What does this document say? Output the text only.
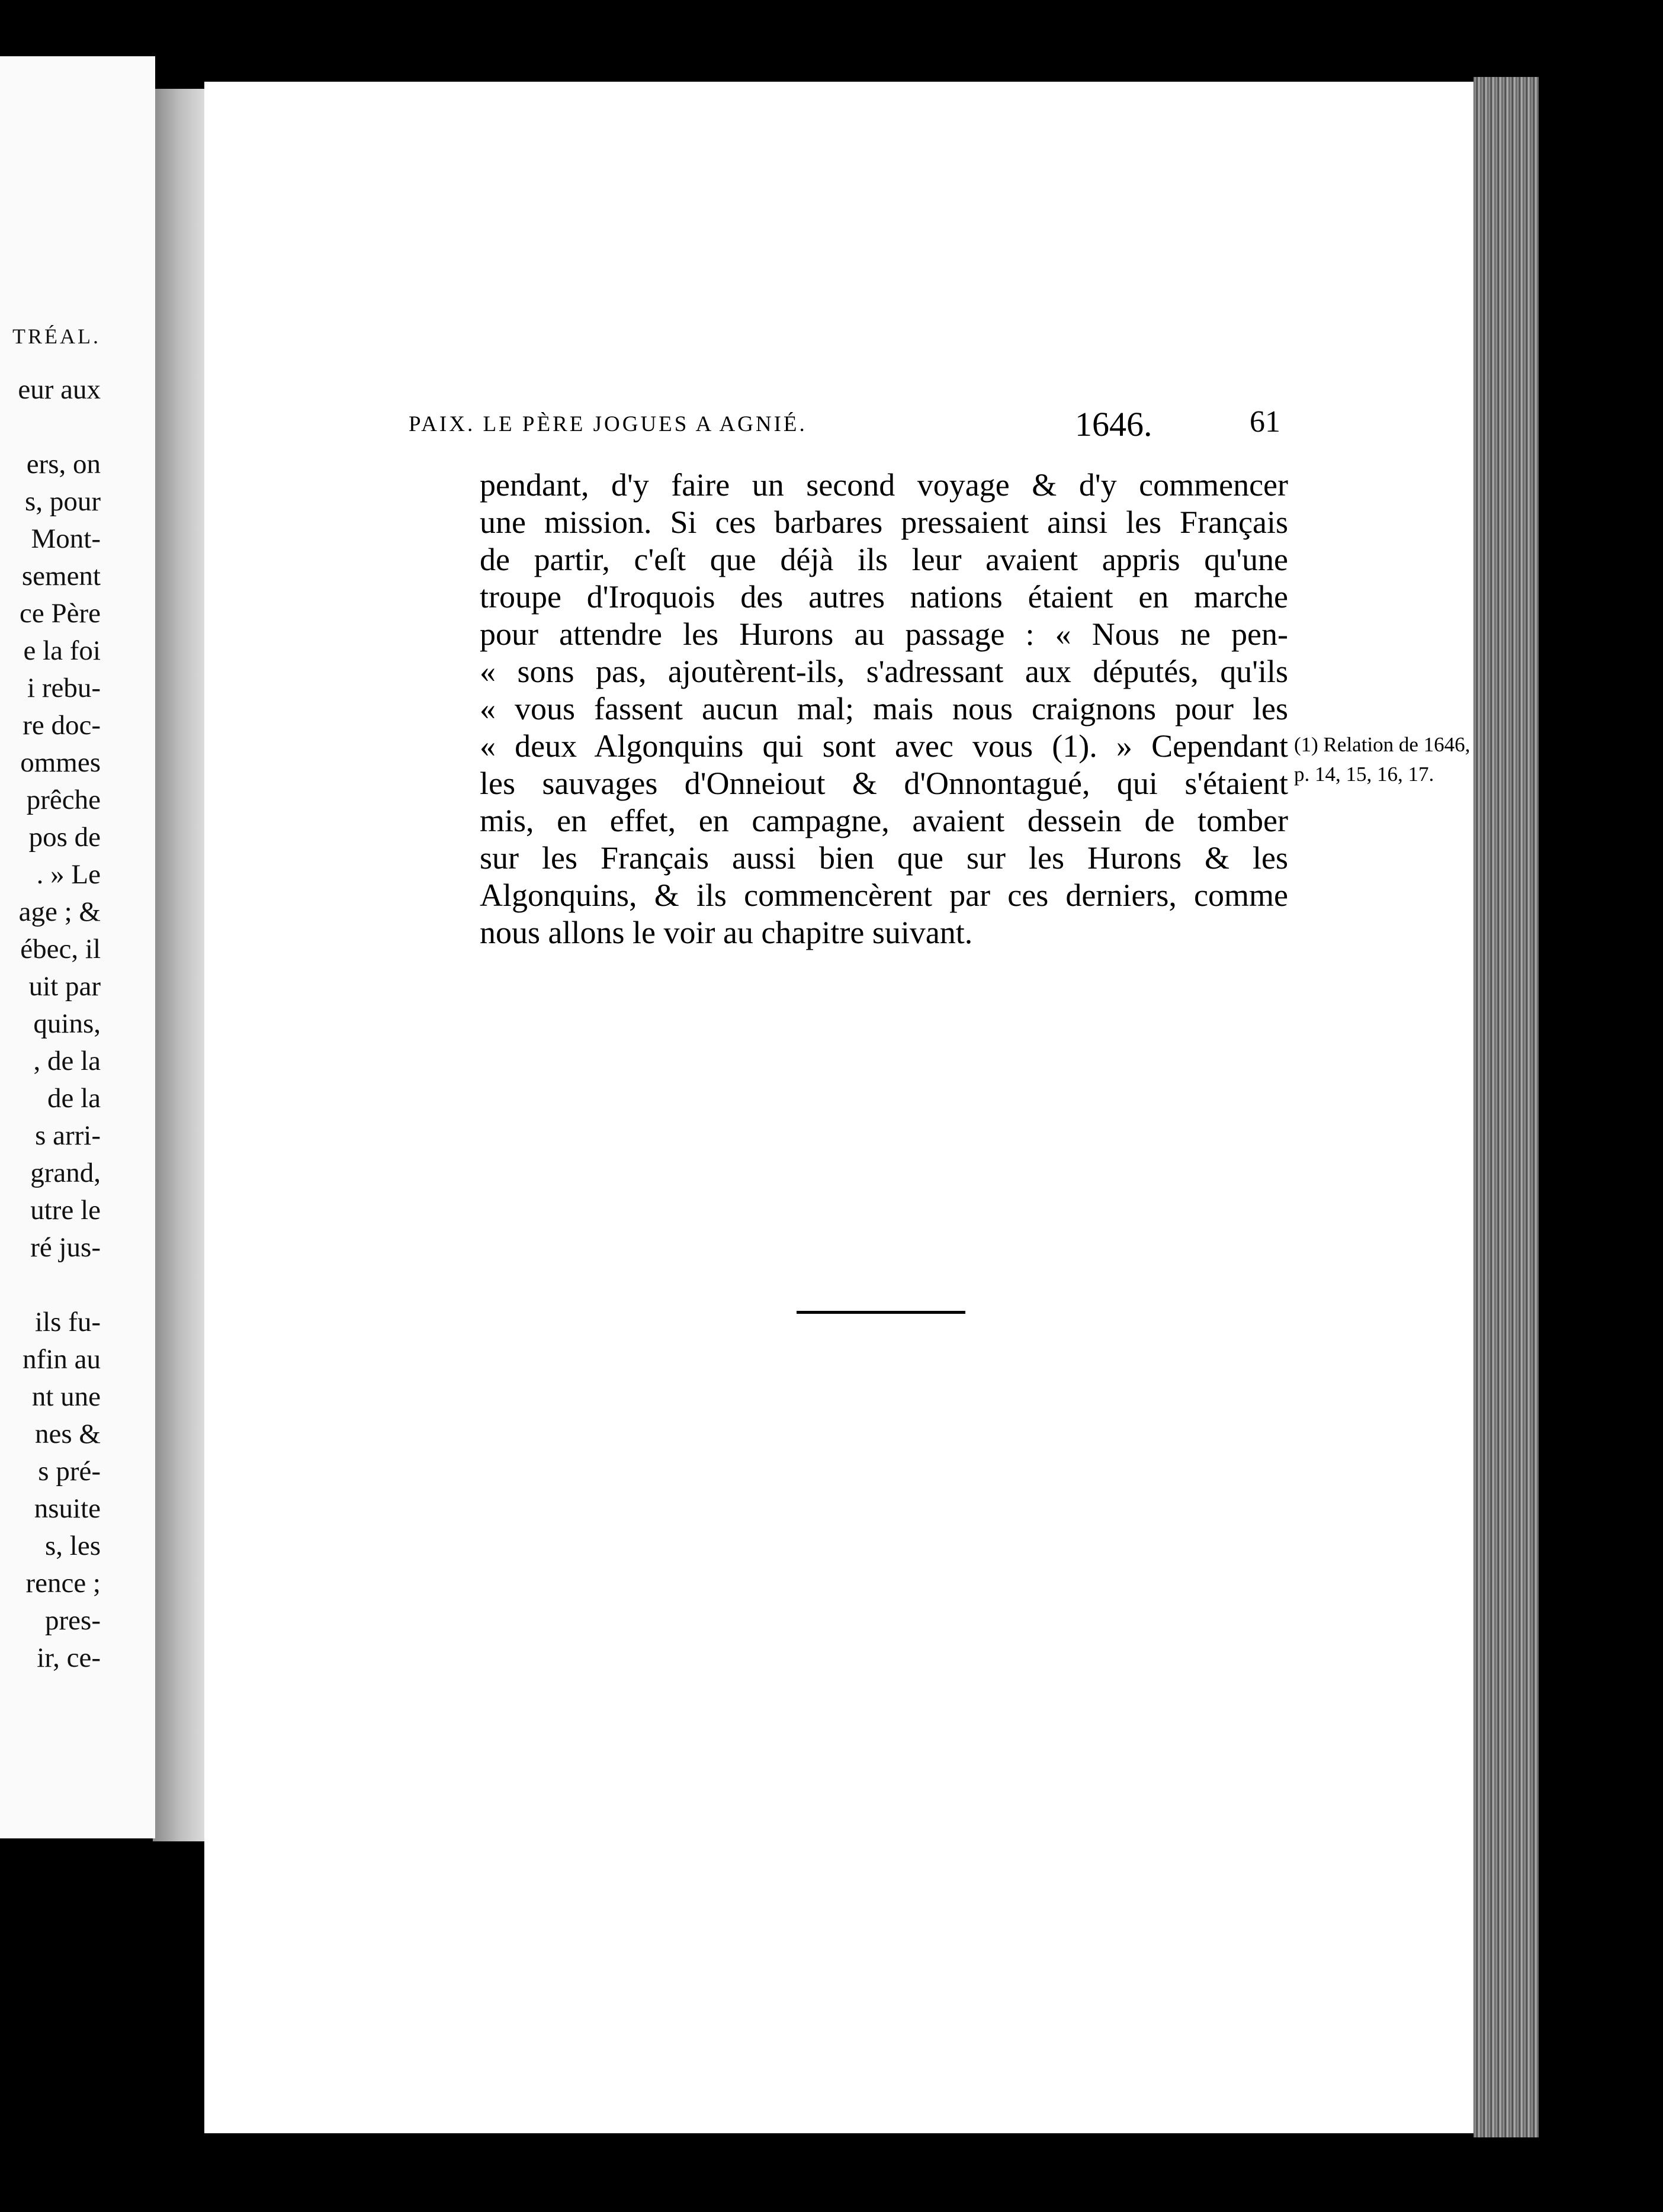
TRÉAL.
eur aux
ers, on
s, pour
Mont-
sement
ce Père
e la foi
i rebu-
re doc-
ommes
prêche
pos de
. » Le
age ; &
ébec, il
uit par
quins,
, de la
de la
s arri-
grand,
utre le
ré jus-
ils fu-
nfin au
nt une
nes &
s pré-
nsuite
s, les
rence ;
pres-
ir, ce-
PAIX. LE PÈRE JOGUES A AGNIÉ.	1646.	61
pendant, d'y faire un second voyage & d'y commencer
une mission. Si ces barbares pressaient ainsi les Français
de partir, c'eſt que déjà ils leur avaient appris qu'une
troupe d'Iroquois des autres nations étaient en marche
pour attendre les Hurons au passage : « Nous ne pen-
« sons pas, ajoutèrent-ils, s'adressant aux députés, qu'ils
« vous fassent aucun mal; mais nous craignons pour les
« deux Algonquins qui sont avec vous (1). » Cependant
les sauvages d'Onneiout & d'Onnontagué, qui s'étaient
mis, en effet, en campagne, avaient dessein de tomber
sur les Français aussi bien que sur les Hurons & les
Algonquins, & ils commencèrent par ces derniers, comme
nous allons le voir au chapitre suivant.
(1) Relation de 1646,
p. 14, 15, 16, 17.
